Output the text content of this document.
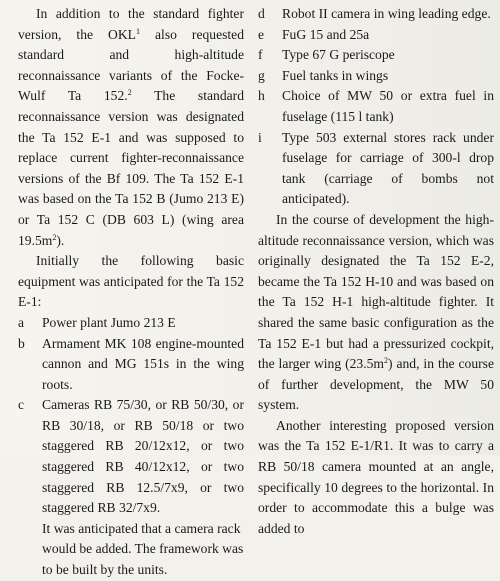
In addition to the standard fighter version, the OKL$^1$ also requested standard and high-altitude reconnaissance variants of the Focke-Wulf Ta 152.$^2$ The standard reconnaissance version was designated the Ta 152 E-1 and was supposed to replace current fighter-reconnaissance versions of the Bf 109. The Ta 152 E-1 was based on the Ta 152 B (Jumo 213 E) or Ta 152 C (DB 603 L) (wing area $19.5m^2$).

Initially the following basic equipment was anticipated for the Ta 152 E-1:

a	Power plant Jumo 213 E
b	Armament MK 108 engine-mounted cannon and MG 151s in the wing roots.
c	Cameras RB 75/30, or RB 50/30, or RB 30/18, or RB 50/18 or two staggered RB 20/12x12, or two staggered RB 40/12x12, or two staggered RB 12.5/7x9, or two staggered RB 32/7x9.

It was anticipated that a camera rack would be added. The framework was to be built by the units.

d	Robot II camera in wing leading edge.
e	FuG 15 and 25a
f	Type 67 G periscope
g	Fuel tanks in wings
h	Choice of MW 50 or extra fuel in fuselage (115 l tank)
i	Type 503 external stores rack under fuselage for carriage of 300-l drop tank (carriage of bombs not anticipated).

In the course of development the high-altitude reconnaissance version, which was originally designated the Ta 152 E-2, became the Ta 152 H-10 and was based on the Ta 152 H-1 high-altitude fighter. It shared the same basic configuration as the Ta 152 E-1 but had a pressurized cockpit, the larger wing $(23.5m^2)$ and, in the course of further development, the MW 50 system.

Another interesting proposed version was the Ta 152 E-1/R1. It was to carry a RB 50/18 camera mounted at an angle, specifically 10 degrees to the horizontal. In order to accommodate this a bulge was added to
